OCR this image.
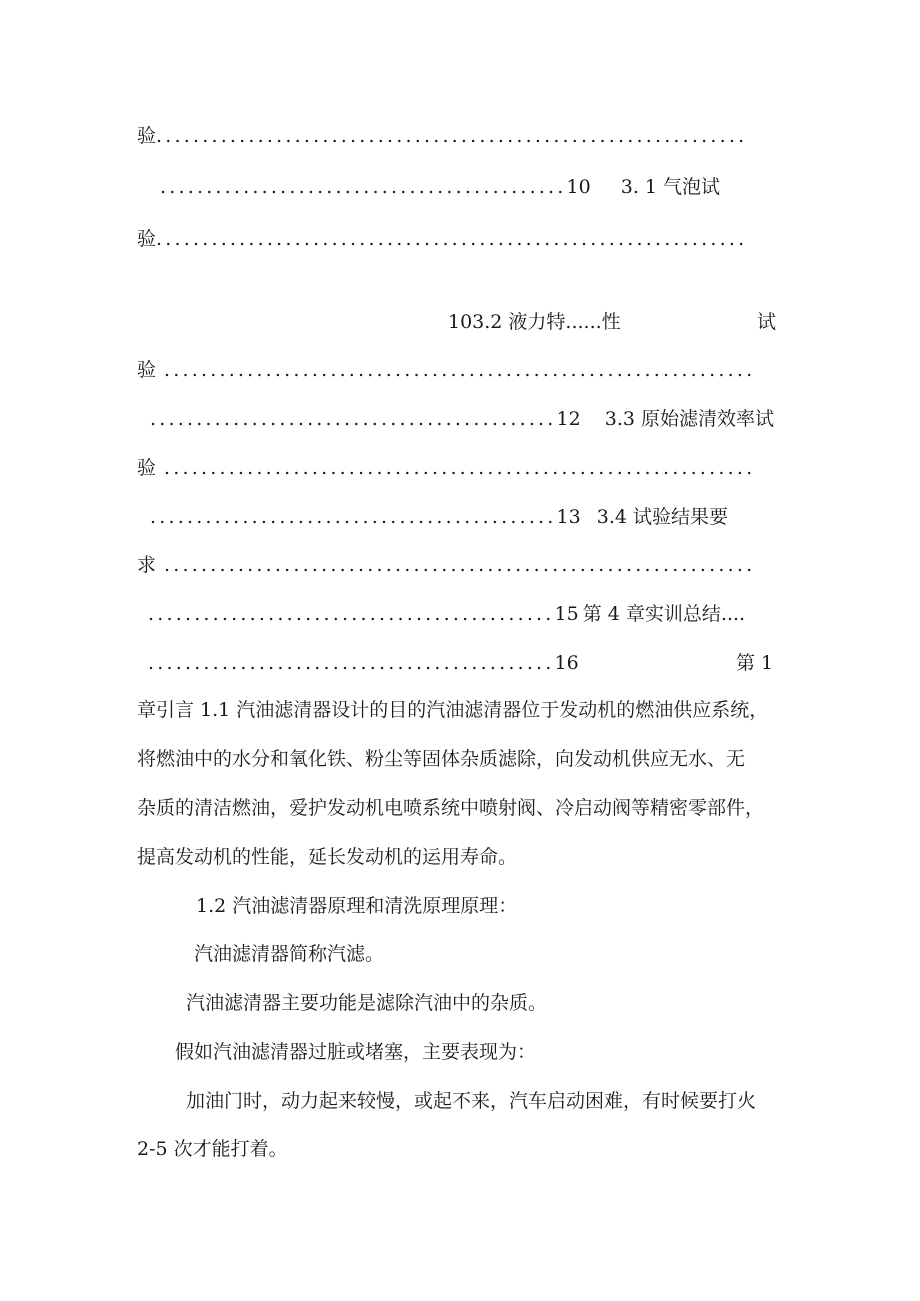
验................................................................
............................................10 3. 1 气泡试
验................................................................
103.2 液力特......性	试
验 ................................................................
............................................12 3.3 原始滤清效率试
验 ................................................................
............................................13 3.4 试验结果要
求 ................................................................
............................................15 第 4 章实训总结....
............................................16	第 1
章引言 1.1 汽油滤清器设计的目的汽油滤清器位于发动机的燃油供应系统，
将燃油中的水分和氧化铁、粉尘等固体杂质滤除，向发动机供应无水、无
杂质的清洁燃油，爱护发动机电喷系统中喷射阀、冷启动阀等精密零部件，
提高发动机的性能，延长发动机的运用寿命。
1.2 汽油滤清器原理和清洗原理原理：
汽油滤清器简称汽滤。
汽油滤清器主要功能是滤除汽油中的杂质。
假如汽油滤清器过脏或堵塞，主要表现为：
加油门时，动力起来较慢，或起不来，汽车启动困难，有时候要打火
2-5 次才能打着。
